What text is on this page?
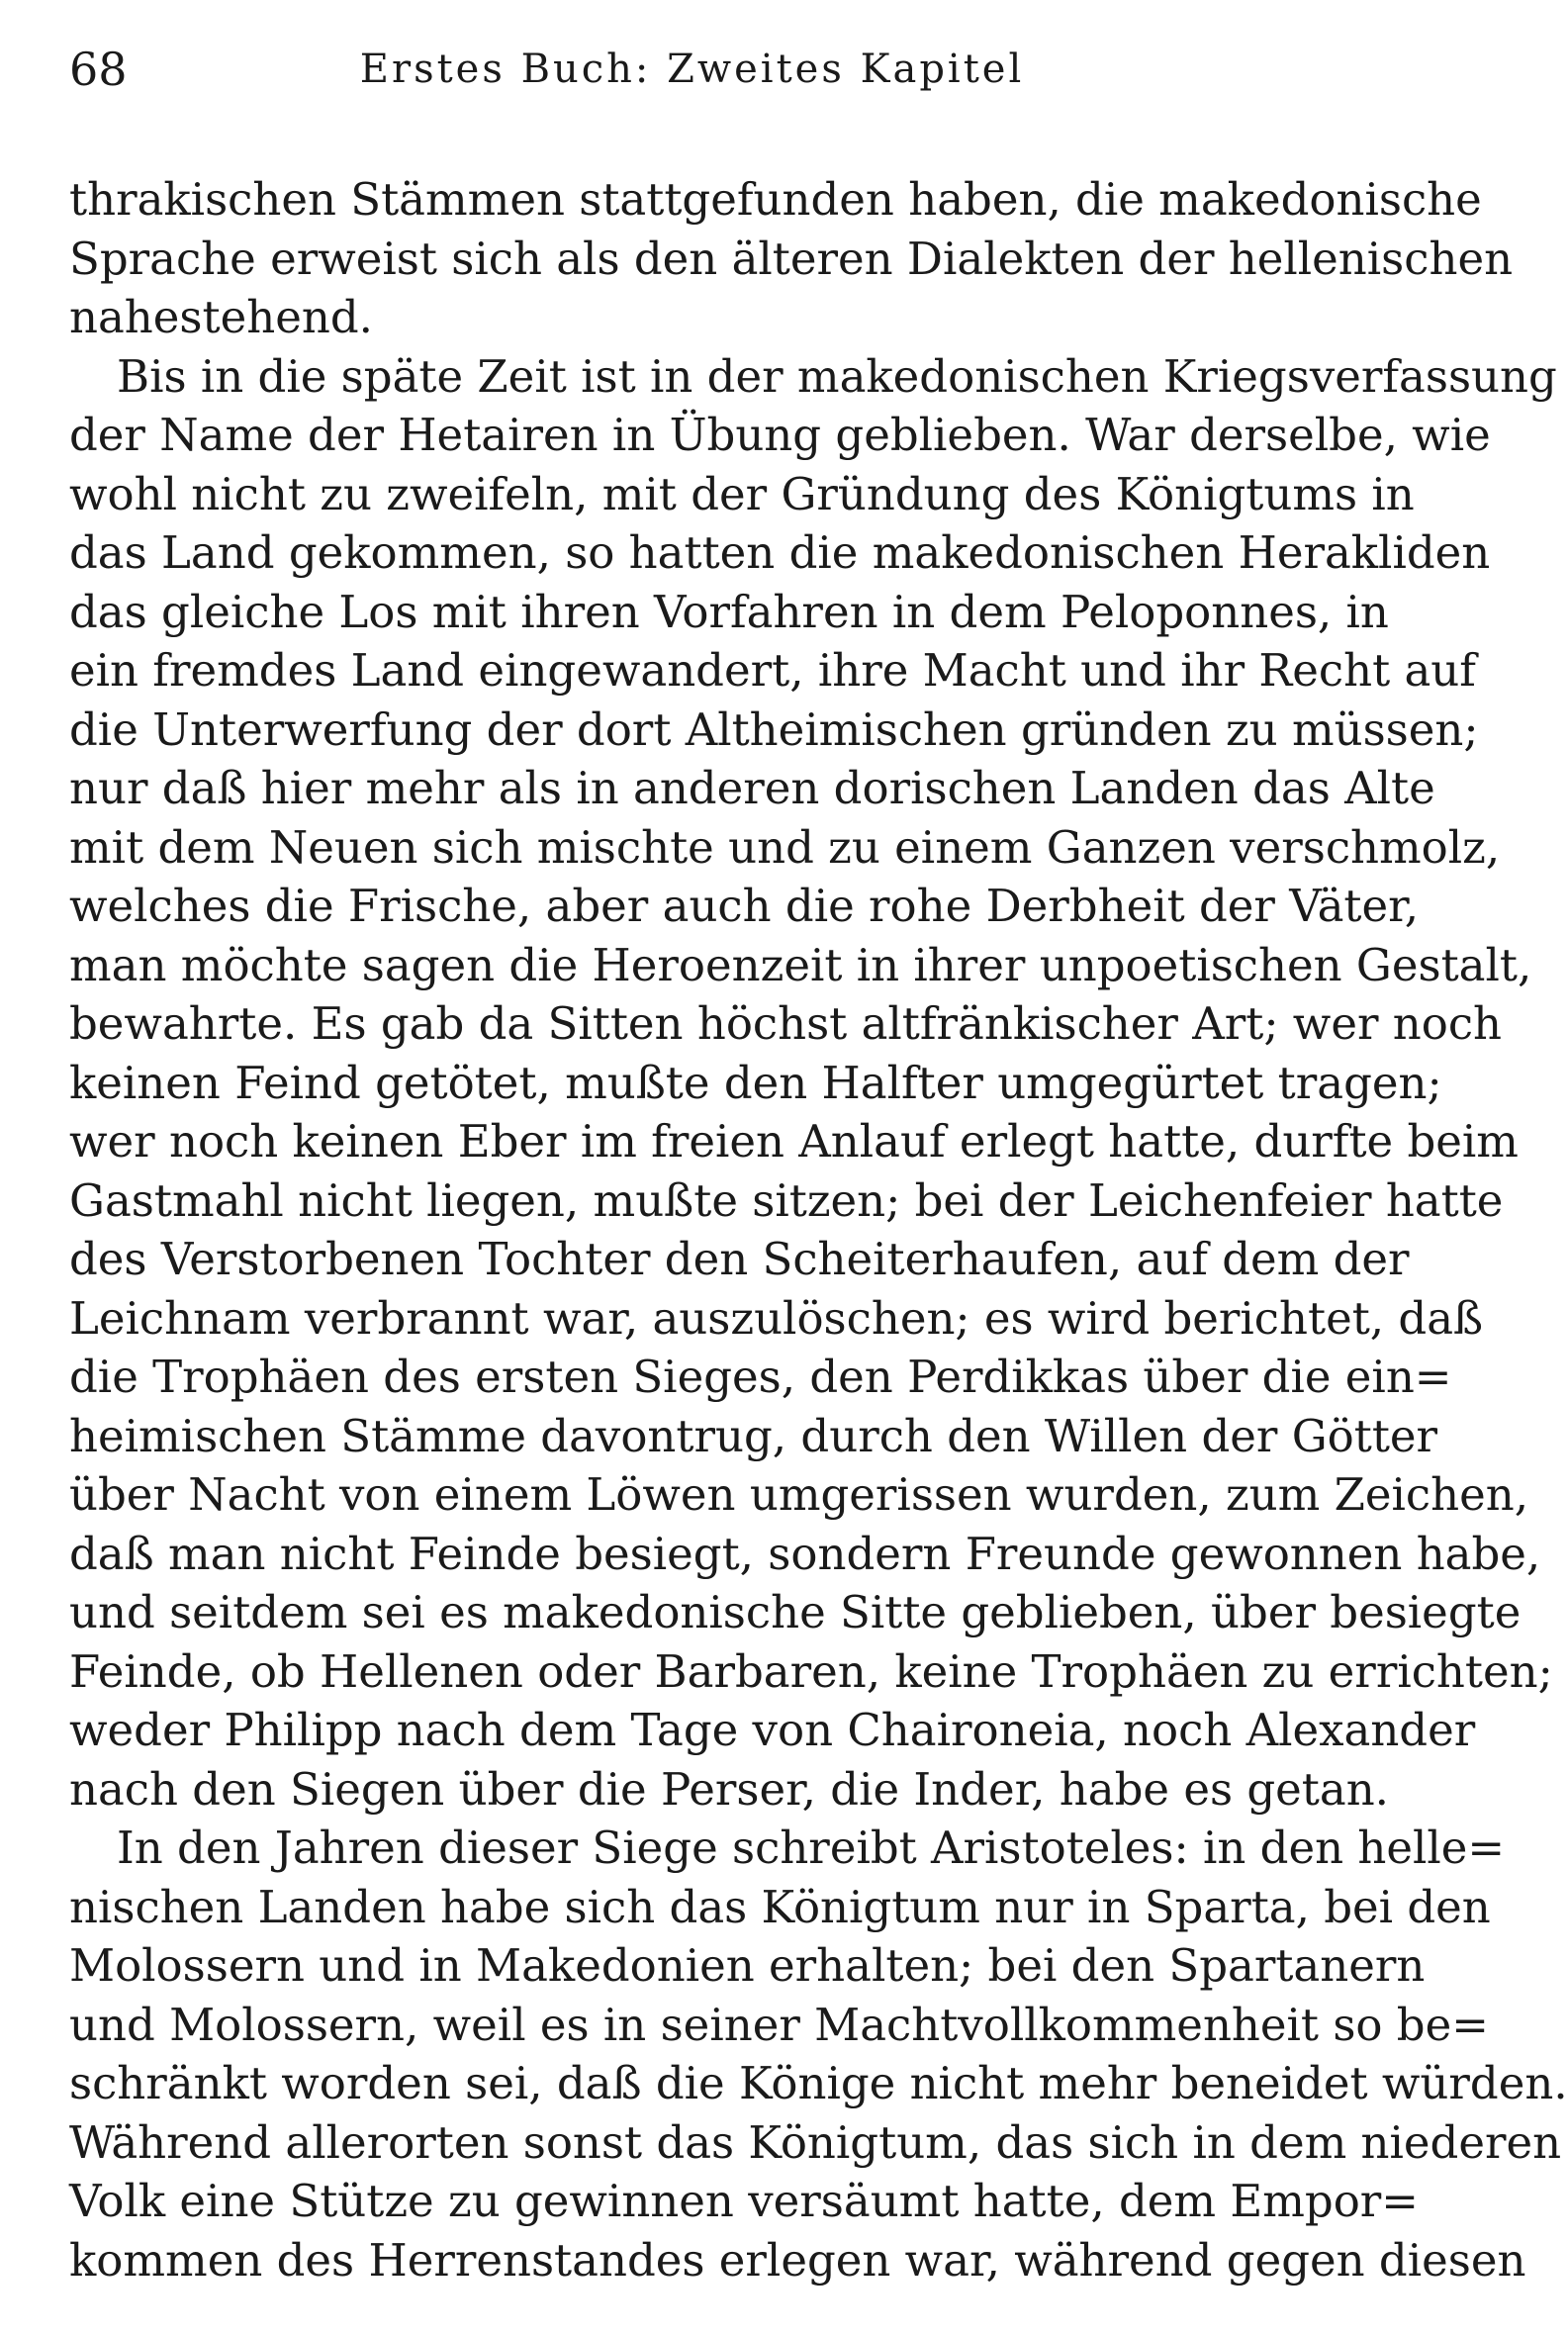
68	Erstes Buch: Zweites Kapitel
thrakischen Stämmen stattgefunden haben, die makedonische
Sprache erweist sich als den älteren Dialekten der hellenischen
nahestehend.
Bis in die späte Zeit ist in der makedonischen Kriegsverfassung
der Name der Hetairen in Übung geblieben. War derselbe, wie
wohl nicht zu zweifeln, mit der Gründung des Königtums in
das Land gekommen, so hatten die makedonischen Herakliden
das gleiche Los mit ihren Vorfahren in dem Peloponnes, in
ein fremdes Land eingewandert, ihre Macht und ihr Recht auf
die Unterwerfung der dort Altheimischen gründen zu müssen;
nur daß hier mehr als in anderen dorischen Landen das Alte
mit dem Neuen sich mischte und zu einem Ganzen verschmolz,
welches die Frische, aber auch die rohe Derbheit der Väter,
man möchte sagen die Heroenzeit in ihrer unpoetischen Gestalt,
bewahrte. Es gab da Sitten höchst altfränkischer Art; wer noch
keinen Feind getötet, mußte den Halfter umgegürtet tragen;
wer noch keinen Eber im freien Anlauf erlegt hatte, durfte beim
Gastmahl nicht liegen, mußte sitzen; bei der Leichenfeier hatte
des Verstorbenen Tochter den Scheiterhaufen, auf dem der
Leichnam verbrannt war, auszulöschen; es wird berichtet, daß
die Trophäen des ersten Sieges, den Perdikkas über die ein=
heimischen Stämme davontrug, durch den Willen der Götter
über Nacht von einem Löwen umgerissen wurden, zum Zeichen,
daß man nicht Feinde besiegt, sondern Freunde gewonnen habe,
und seitdem sei es makedonische Sitte geblieben, über besiegte
Feinde, ob Hellenen oder Barbaren, keine Trophäen zu errichten;
weder Philipp nach dem Tage von Chaironeia, noch Alexander
nach den Siegen über die Perser, die Inder, habe es getan.
In den Jahren dieser Siege schreibt Aristoteles: in den helle=
nischen Landen habe sich das Königtum nur in Sparta, bei den
Molossern und in Makedonien erhalten; bei den Spartanern
und Molossern, weil es in seiner Machtvollkommenheit so be=
schränkt worden sei, daß die Könige nicht mehr beneidet würden.
Während allerorten sonst das Königtum, das sich in dem niederen
Volk eine Stütze zu gewinnen versäumt hatte, dem Empor=
kommen des Herrenstandes erlegen war, während gegen diesen
